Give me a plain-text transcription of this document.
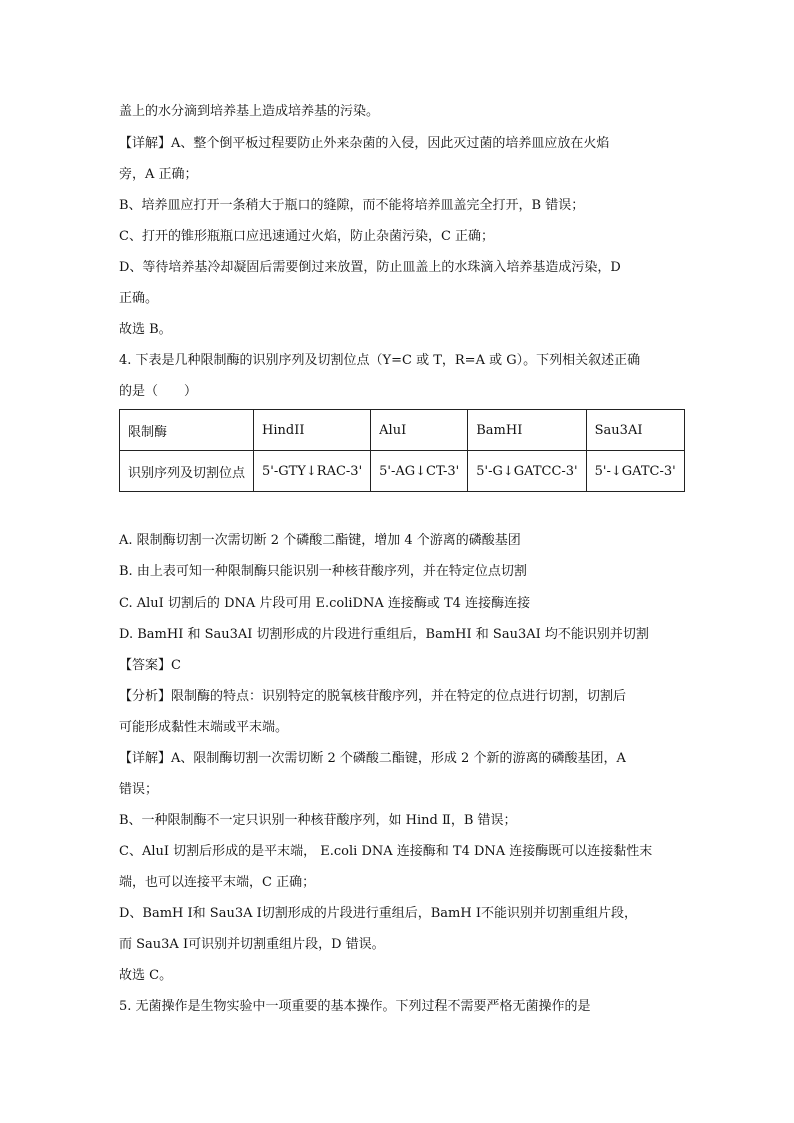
盖上的水分滴到培养基上造成培养基的污染。
【详解】A、整个倒平板过程要防止外来杂菌的入侵，因此灭过菌的培养皿应放在火焰
旁，A 正确；
B、培养皿应打开一条稍大于瓶口的缝隙，而不能将培养皿盖完全打开，B 错误；
C、打开的锥形瓶瓶口应迅速通过火焰，防止杂菌污染，C 正确；
D、等待培养基冷却凝固后需要倒过来放置，防止皿盖上的水珠滴入培养基造成污染，D
正确。
故选 B。
4. 下表是几种限制酶的识别序列及切割位点（Y=C 或 T，R=A 或 G）。下列相关叙述正确
的是（　　）
限制酶	HindII	AluI	BamHI	Sau3AI
识别序列及切割位点	5'-GTY↓RAC-3'	5'-AG↓CT-3'	5'-G↓GATCC-3'	5'-↓GATC-3'
A. 限制酶切割一次需切断 2 个磷酸二酯键，增加 4 个游离的磷酸基团
B. 由上表可知一种限制酶只能识别一种核苷酸序列，并在特定位点切割
C. AluI 切割后的 DNA 片段可用 E.coliDNA 连接酶或 T4 连接酶连接
D. BamHI 和 Sau3AI 切割形成的片段进行重组后，BamHI 和 Sau3AI 均不能识别并切割
【答案】C
【分析】限制酶的特点：识别特定的脱氧核苷酸序列，并在特定的位点进行切割，切割后
可能形成黏性末端或平末端。
【详解】A、限制酶切割一次需切断 2 个磷酸二酯键，形成 2 个新的游离的磷酸基团，A
错误；
B、一种限制酶不一定只识别一种核苷酸序列，如 Hind Ⅱ，B 错误；
C、AluI 切割后形成的是平末端， E.coli DNA 连接酶和 T4 DNA 连接酶既可以连接黏性末
端，也可以连接平末端，C 正确；
D、BamH Ⅰ和 Sau3A Ⅰ切割形成的片段进行重组后，BamH Ⅰ不能识别并切割重组片段，
而 Sau3A Ⅰ可识别并切割重组片段，D 错误。
故选 C。
5. 无菌操作是生物实验中一项重要的基本操作。下列过程不需要严格无菌操作的是
